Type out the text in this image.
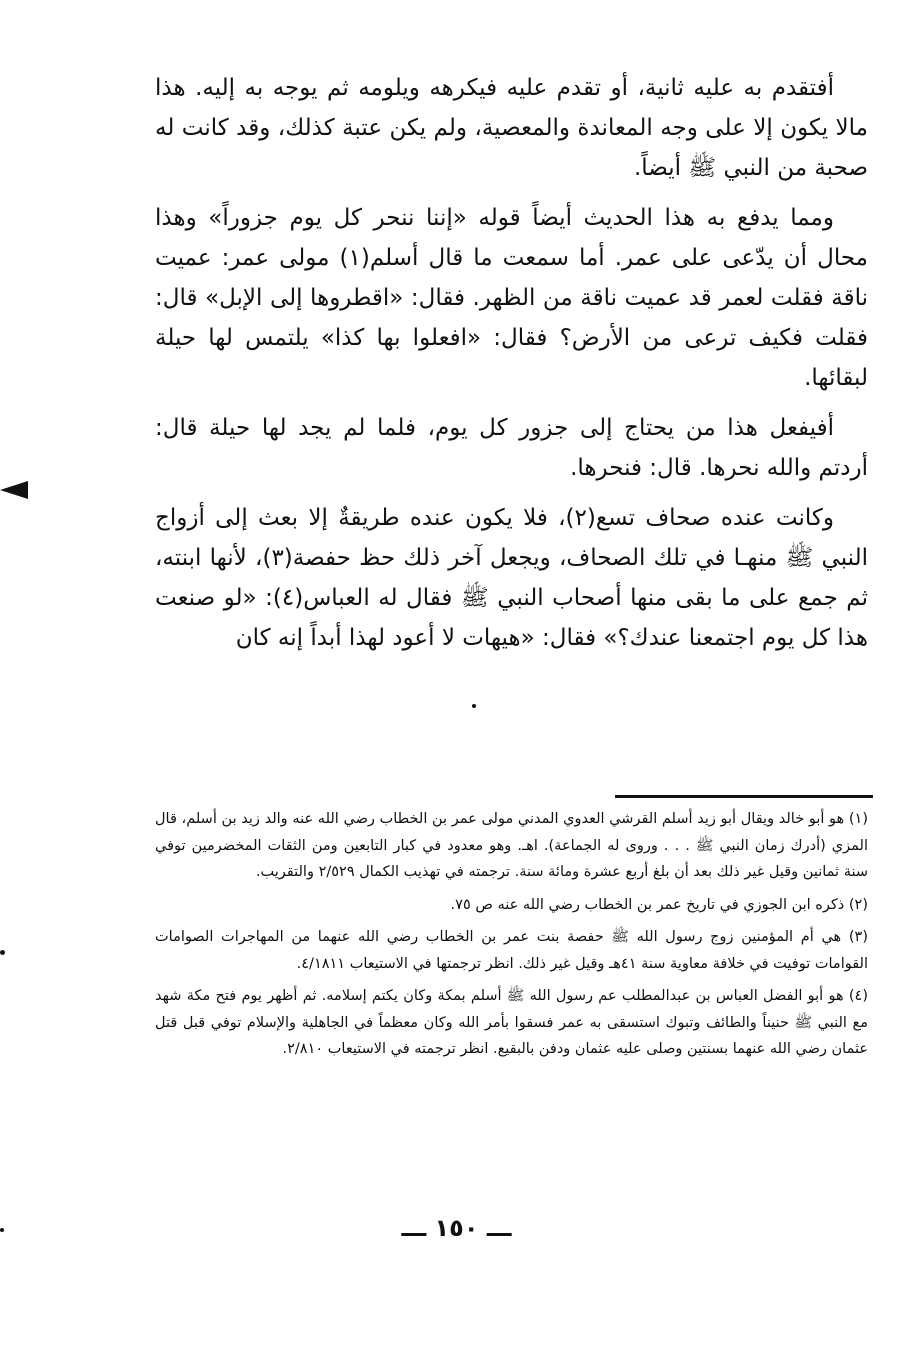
أفتقدم به عليه ثانية، أو تقدم عليه فيكرهه ويلومه ثم يوجه به إليه. هذا مالا يكون إلا على وجه المعاندة والمعصية، ولم يكن عتبة كذلك، وقد كانت له صحبة من النبي ﷺ أيضاً.

ومما يدفع به هذا الحديث أيضاً قوله «إننا ننحر كل يوم جزوراً» وهذا محال أن يدّعى على عمر. أما سمعت ما قال أسلم(١) مولى عمر: عميت ناقة فقلت لعمر قد عميت ناقة من الظهر. فقال: «اقطروها إلى الإبل» قال: فقلت فكيف ترعى من الأرض؟ فقال: «افعلوا بها كذا» يلتمس لها حيلة لبقائها.

أفيفعل هذا من يحتاج إلى جزور كل يوم، فلما لم يجد لها حيلة قال: أردتم والله نحرها. قال: فنحرها.

وكانت عنده صحاف تسع(٢)، فلا يكون عنده طريقةٌ إلا بعث إلى أزواج النبي ﷺ منهـا في تلك الصحاف، ويجعل آخر ذلك حظ حفصة(٣)، لأنها ابنته، ثم جمع على ما بقى منها أصحاب النبي ﷺ فقال له العباس(٤): «لو صنعت هذا كل يوم اجتمعنا عندك؟» فقال: «هيهات لا أعود لهذا أبداً إنه كان

(١) هو أبو خالد ويقال أبو زيد أسلم القرشي العدوي المدني مولى عمر بن الخطاب رضي الله عنه والد زيد بن أسلم، قال المزي (أدرك زمان النبي ﷺ . . . وروى له الجماعة). اهـ. وهو معدود في كبار التابعين ومن الثقات المخضرمين توفي سنة ثمانين وقيل غير ذلك بعد أن بلغ أربع عشرة ومائة سنة. ترجمته في تهذيب الكمال ٢/٥٢٩ والتقريب.

(٢) ذكره ابن الجوزي في تاريخ عمر بن الخطاب رضي الله عنه ص ٧٥.

(٣) هي أم المؤمنين زوج رسول الله ﷺ حفصة بنت عمر بن الخطاب رضي الله عنهما من المهاجرات الصوامات القوامات توفيت في خلافة معاوية سنة ٤١هـ وقيل غير ذلك. انظر ترجمتها في الاستيعاب ٤/١٨١١.

(٤) هو أبو الفضل العباس بن عبدالمطلب عم رسول الله ﷺ أسلم بمكة وكان يكتم إسلامه. ثم أظهر يوم فتح مكة شهد مع النبي ﷺ حنيناً والطائف وتبوك استسقى به عمر فسقوا بأمر الله وكان معظماً في الجاهلية والإسلام توفي قبل قتل عثمان رضي الله عنهما بسنتين وصلى عليه عثمان ودفن بالبقيع. انظر ترجمته في الاستيعاب ٢/٨١٠.

ـــ ١٥٠ ـــ
